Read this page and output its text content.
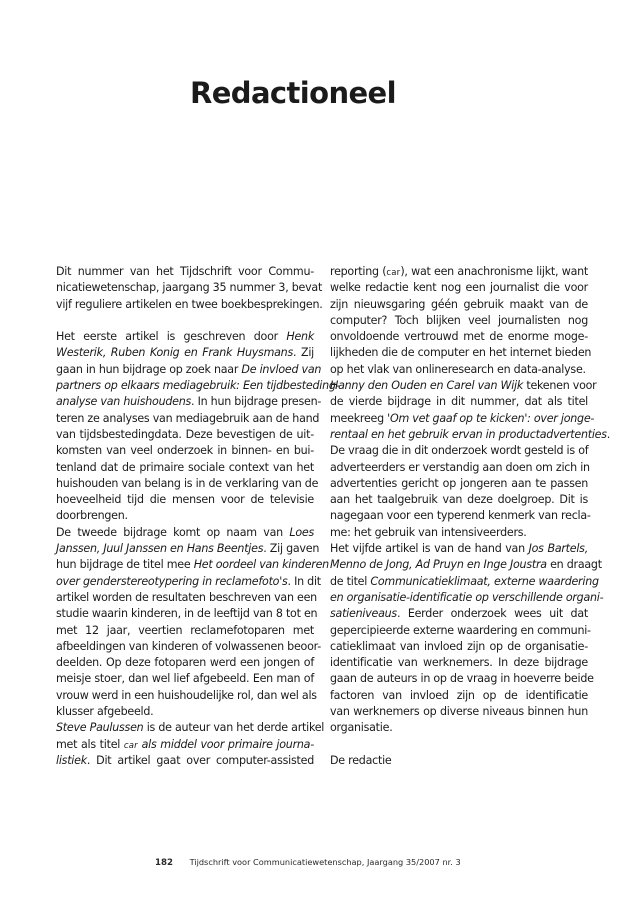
Redactioneel
Dit nummer van het Tijdschrift voor Commu-
nicatiewetenschap, jaargang 35 nummer 3, bevat
vijf reguliere artikelen en twee boekbesprekingen.

Het eerste artikel is geschreven door Henk
Westerik, Ruben Konig en Frank Huysmans. Zij
gaan in hun bijdrage op zoek naar De invloed van
partners op elkaars mediagebruik: Een tijdbesteding-
analyse van huishoudens. In hun bijdrage presen-
teren ze analyses van mediagebruik aan de hand
van tijdsbestedingdata. Deze bevestigen de uit-
komsten van veel onderzoek in binnen- en bui-
tenland dat de primaire sociale context van het
huishouden van belang is in de verklaring van de
hoeveelheid tijd die mensen voor de televisie
doorbrengen.
De tweede bijdrage komt op naam van Loes
Janssen, Juul Janssen en Hans Beentjes. Zij gaven
hun bijdrage de titel mee Het oordeel van kinderen
over genderstereotypering in reclamefoto's. In dit
artikel worden de resultaten beschreven van een
studie waarin kinderen, in de leeftijd van 8 tot en
met 12 jaar, veertien reclamefotoparen met
afbeeldingen van kinderen of volwassenen beoor-
deelden. Op deze fotoparen werd een jongen of
meisje stoer, dan wel lief afgebeeld. Een man of
vrouw werd in een huishoudelijke rol, dan wel als
klusser afgebeeld.
Steve Paulussen is de auteur van het derde artikel
met als titel car als middel voor primaire journa-
listiek. Dit artikel gaat over computer-assisted
reporting (car), wat een anachronisme lijkt, want
welke redactie kent nog een journalist die voor
zijn nieuwsgaring géén gebruik maakt van de
computer? Toch blijken veel journalisten nog
onvoldoende vertrouwd met de enorme moge-
lijkheden die de computer en het internet bieden
op het vlak van onlineresearch en data-analyse.
Hanny den Ouden en Carel van Wijk tekenen voor
de vierde bijdrage in dit nummer, dat als titel
meekreeg 'Om vet gaaf op te kicken': over jonge-
rentaal en het gebruik ervan in productadvertenties.
De vraag die in dit onderzoek wordt gesteld is of
adverteerders er verstandig aan doen om zich in
advertenties gericht op jongeren aan te passen
aan het taalgebruik van deze doelgroep. Dit is
nagegaan voor een typerend kenmerk van recla-
me: het gebruik van intensiveerders.
Het vijfde artikel is van de hand van Jos Bartels,
Menno de Jong, Ad Pruyn en Inge Joustra en draagt
de titel Communicatieklimaat, externe waardering
en organisatie-identificatie op verschillende organi-
satieniveaus. Eerder onderzoek wees uit dat
gepercipieerde externe waardering en communi-
catieklimaat van invloed zijn op de organisatie-
identificatie van werknemers. In deze bijdrage
gaan de auteurs in op de vraag in hoeverre beide
factoren van invloed zijn op de identificatie
van werknemers op diverse niveaus binnen hun
organisatie.

De redactie
182 Tijdschrift voor Communicatiewetenschap, Jaargang 35/2007 nr. 3
